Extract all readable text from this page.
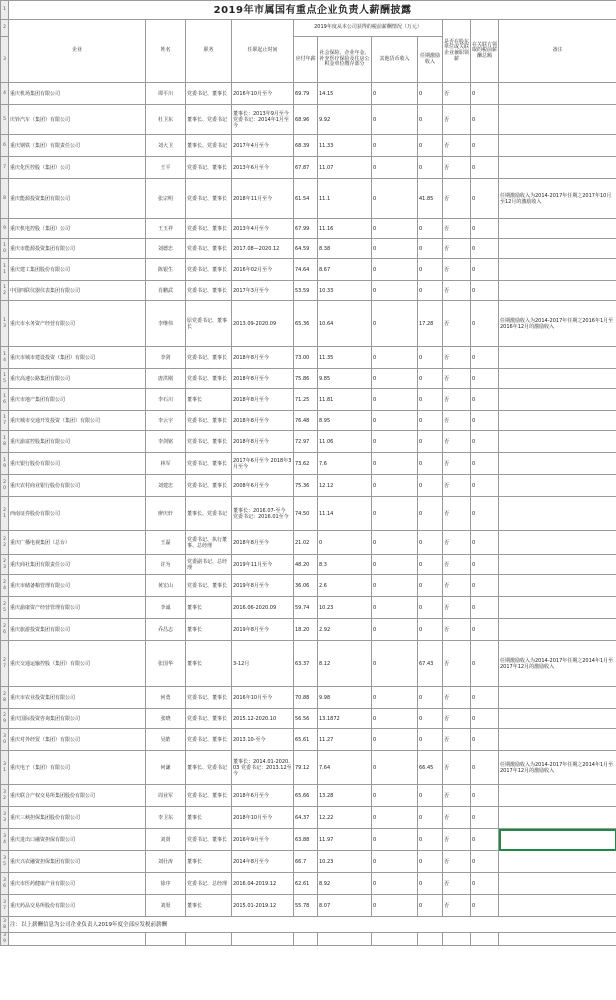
1	2019年市属国有重点企业负责人薪酬披露										
2	企业	姓名	职务	任职起止时间	2019年度从本公司获得的税前薪酬情况（万元）				是否在股东单位或关联企业兼职领薪	在关联方领取的税前薪酬总额	备注
3					应付年薪	社会保险、企业年金、补充医疗保险及住房公积金单位缴存部分	其他货币收入	任期激励收入			
4	重庆机场集团有限公司	谭平川	党委书记、董事长	2016年10月至今	69.79	14.15	0	0	否	0	
5	庆铃汽车（集团）有限公司	杜卫东	董事长、党委书记	董事长：2013年9月至今 党委书记：2014年1月至今	68.96	9.92	0	0	否	0	
6	重庆钢铁（集团）有限责任公司	刘大卫	董事长、党委书记	2017年4月至今	68.39	11.33	0	0	否	0	
7	重庆化医控股（集团）公司	王平	党委书记、董事长	2013年6月至今	67.87	11.07	0	0	否	0	
8	重庆能源投资集团有限公司	张宗明	党委书记、董事长	2018年11月至今	61.54	11.1	0	41.85	否	0	任期激励收入为2014-2017年任期之2017年10月至12月的激励收入
9	重庆机电控股（集团）公司	王玉祥	党委书记、董事长	2013年4月至今	67.99	11.16	0	0	否	0	
10	重庆市能源投资集团有限公司	刘德忠	党委书记、董事长	2017.08—2020.12	64.59	8.38	0	0	否	0	
11	重庆建工集团股份有限公司	陈银生	党委书记、董事长	2016年02月至今	74.64	8.67	0	0	否	0	
12	中国四联仪器仪表集团有限公司	肖鹏武	党委书记、董事长	2017年3月至今	53.59	10.33	0	0	否	0	
13	重庆市水务资产经营有限公司	李继伟	原党委书记、董事长	2013.09-2020.09	65.36	10.64	0	17.28	否	0	任期激励收入为2014-2017年任期之2016年1月至2016年12月的激励收入
14	重庆市城市建设投资（集团）有限公司	李剑	党委书记、董事长	2018年8月至今	73.00	11.35	0	0	否	0	
15	重庆高速公路集团有限公司	唐洪刚	党委书记、董事长	2018年8月至今	75.86	9.85	0	0	否	0	
16	重庆市地产集团有限公司	李石川	董事长	2018年8月至今	71.25	11.81	0	0	否	0	
17	重庆城市交通开发投资（集团）有限公司	李云宇	党委书记、董事长	2018年8月至今	76.48	8.95	0	0	否	0	
18	重庆渝富控股集团有限公司	李剑铭	党委书记、董事长	2018年8月至今	72.97	11.06	0	0	否	0	
19	重庆银行股份有限公司	林军	党委书记、董事长	2017年6月至今 2018年3月至今	73.62	7.6	0	0	否	0	
20	重庆农村商业银行股份有限公司	刘建忠	党委书记、董事长	2008年6月至今	75.36	12.12	0	0	否	0	
21	西南证券股份有限公司	廖庆轩	董事长、党委书记	董事长：2016.07-至今 党委书记：2016.01至今	74.50	11.14	0	0	否	0	
22	重庆广播电视集团（总台）	王磊	党委书记、执行董事、总经理	2018年8月至今	21.02	0	0	0	否	0	
23	重庆商社集团有限责任公司	许为	党委副书记、总经理	2019年11月至今	48.20	8.3	0	0	否	0	
24	重庆市储备粮管理有限公司	黄宏山	党委书记、董事长	2019年8月至今	36.06	2.6	0	0	否	0	
25	重庆渝康资产经营管理有限公司	李诚	董事长	2016.06-2020.09	59.74	10.23	0	0	否	0	
26	重庆旅游投资集团有限公司	乔昌志	董事长	2019年8月至今	18.20	2.92	0	0	否	0	
27	重庆交通运输控股（集团）有限公司	张国华	董事长	3-12月	63.37	8.12	0	67.43	否	0	任期激励收入为2014-2017年任期之2014年1月至2017年12月的激励收入
28	重庆市农业投资集团有限公司	何勇	党委书记、董事长	2016年10月至今	70.88	9.98	0	0	否	0	
29	重庆国际投资咨询集团有限公司	张晓	党委书记、董事长	2015.12-2020.10	56.56	13.1872	0	0	否	0	
30	重庆对外经贸（集团）有限公司	吴皓	党委书记、董事长	2013.10-至今	65.61	11.27	0	0	否	0	
31	重庆电子（集团）有限公司	何谦	董事长、党委书记	董事长：2014.01-2020.03 党委书记：2013.12至今	79.12	7.64	0	66.45	否	0	任期激励收入为2014-2017年任期之2014年1月至2017年12月的激励收入
32	重庆联合产权交易所集团股份有限公司	周业军	党委书记、董事长	2018年6月至今	65.66	13.28	0	0	否	0	
33	重庆三峡担保集团股份有限公司	李卫东	董事长	2018年10月至今	64.37	12.22	0	0	否	0	
34	重庆进出口融资担保有限公司	刘贤	党委书记、董事长	2016年9月至今	63.88	11.97	0	0	否	0	
35	重庆兴农融资担保集团有限公司	刘壮涛	董事长	2014年8月至今	66.7	10.23	0	0	否	0	
36	重庆市医药健康产业有限公司	徐序	党委书记、总经理	2016.04-2019.12	62.61	8.92	0	0	否	0	
37	重庆药品交易所股份有限公司	刘渠	董事长	2015.01-2019.12	55.78	8.07	0	0	否	0	
38	注：以上薪酬信息为公司企业负责人2019年度全部应发税前薪酬										
39											
